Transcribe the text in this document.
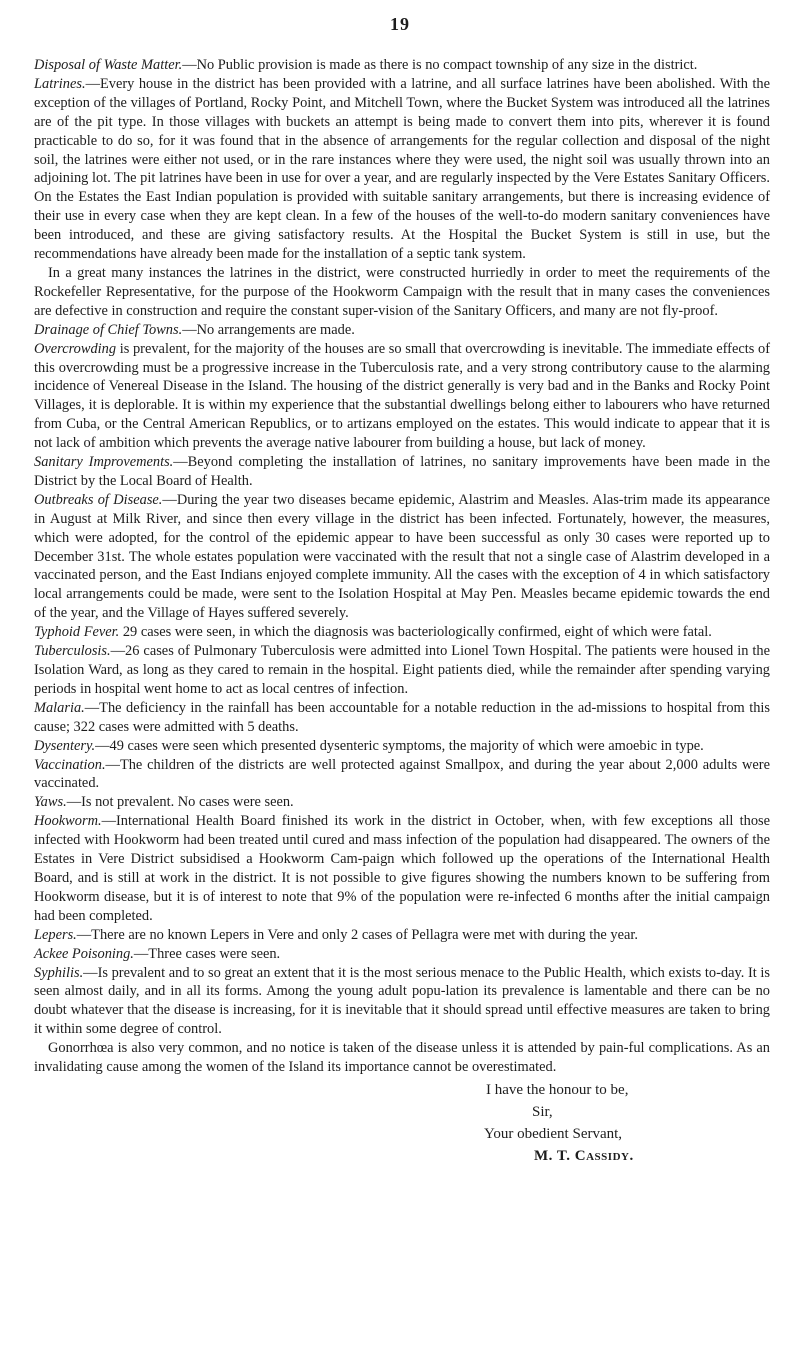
19

Disposal of Waste Matter.—No Public provision is made as there is no compact township of any size in the district.

Latrines.—Every house in the district has been provided with a latrine, and all surface latrines have been abolished. With the exception of the villages of Portland, Rocky Point, and Mitchell Town, where the Bucket System was introduced all the latrines are of the pit type. In those villages with buckets an attempt is being made to convert them into pits, wherever it is found practicable to do so, for it was found that in the absence of arrangements for the regular collection and disposal of the night soil, the latrines were either not used, or in the rare instances where they were used, the night soil was usually thrown into an adjoining lot. The pit latrines have been in use for over a year, and are regularly inspected by the Vere Estates Sanitary Officers. On the Estates the East Indian population is provided with suitable sanitary arrangements, but there is increasing evidence of their use in every case when they are kept clean. In a few of the houses of the well-to-do modern sanitary conveniences have been introduced, and these are giving satisfactory results. At the Hospital the Bucket System is still in use, but the recommendations have already been made for the installation of a septic tank system.

In a great many instances the latrines in the district, were constructed hurriedly in order to meet the requirements of the Rockefeller Representative, for the purpose of the Hookworm Campaign with the result that in many cases the conveniences are defective in construction and require the constant super-vision of the Sanitary Officers, and many are not fly-proof.

Drainage of Chief Towns.—No arrangements are made.

Overcrowding is prevalent, for the majority of the houses are so small that overcrowding is inevitable. The immediate effects of this overcrowding must be a progressive increase in the Tuberculosis rate, and a very strong contributory cause to the alarming incidence of Venereal Disease in the Island. The housing of the district generally is very bad and in the Banks and Rocky Point Villages, it is deplorable. It is within my experience that the substantial dwellings belong either to labourers who have returned from Cuba, or the Central American Republics, or to artizans employed on the estates. This would indicate to appear that it is not lack of ambition which prevents the average native labourer from building a house, but lack of money.

Sanitary Improvements.—Beyond completing the installation of latrines, no sanitary improvements have been made in the District by the Local Board of Health.

Outbreaks of Disease.—During the year two diseases became epidemic, Alastrim and Measles. Alas-trim made its appearance in August at Milk River, and since then every village in the district has been infected. Fortunately, however, the measures, which were adopted, for the control of the epidemic appear to have been successful as only 30 cases were reported up to December 31st. The whole estates population were vaccinated with the result that not a single case of Alastrim developed in a vaccinated person, and the East Indians enjoyed complete immunity. All the cases with the exception of 4 in which satisfactory local arrangements could be made, were sent to the Isolation Hospital at May Pen. Measles became epidemic towards the end of the year, and the Village of Hayes suffered severely.

Typhoid Fever. 29 cases were seen, in which the diagnosis was bacteriologically confirmed, eight of which were fatal.

Tuberculosis.—26 cases of Pulmonary Tuberculosis were admitted into Lionel Town Hospital. The patients were housed in the Isolation Ward, as long as they cared to remain in the hospital. Eight patients died, while the remainder after spending varying periods in hospital went home to act as local centres of infection.

Malaria.—The deficiency in the rainfall has been accountable for a notable reduction in the ad-missions to hospital from this cause; 322 cases were admitted with 5 deaths.

Dysentery.—49 cases were seen which presented dysenteric symptoms, the majority of which were amoebic in type.

Vaccination.—The children of the districts are well protected against Smallpox, and during the year about 2,000 adults were vaccinated.

Yaws.—Is not prevalent. No cases were seen.

Hookworm.—International Health Board finished its work in the district in October, when, with few exceptions all those infected with Hookworm had been treated until cured and mass infection of the population had disappeared. The owners of the Estates in Vere District subsidised a Hookworm Cam-paign which followed up the operations of the International Health Board, and is still at work in the district. It is not possible to give figures showing the numbers known to be suffering from Hookworm disease, but it is of interest to note that 9% of the population were re-infected 6 months after the initial campaign had been completed.

Lepers.—There are no known Lepers in Vere and only 2 cases of Pellagra were met with during the year.

Ackee Poisoning.—Three cases were seen.

Syphilis.—Is prevalent and to so great an extent that it is the most serious menace to the Public Health, which exists to-day. It is seen almost daily, and in all its forms. Among the young adult popu-lation its prevalence is lamentable and there can be no doubt whatever that the disease is increasing, for it is inevitable that it should spread until effective measures are taken to bring it within some degree of control.

Gonorrhœa is also very common, and no notice is taken of the disease unless it is attended by pain-ful complications. As an invalidating cause among the women of the Island its importance cannot be overestimated.

I have the honour to be,
Sir,
Your obedient Servant,
M. T. Cassidy.
